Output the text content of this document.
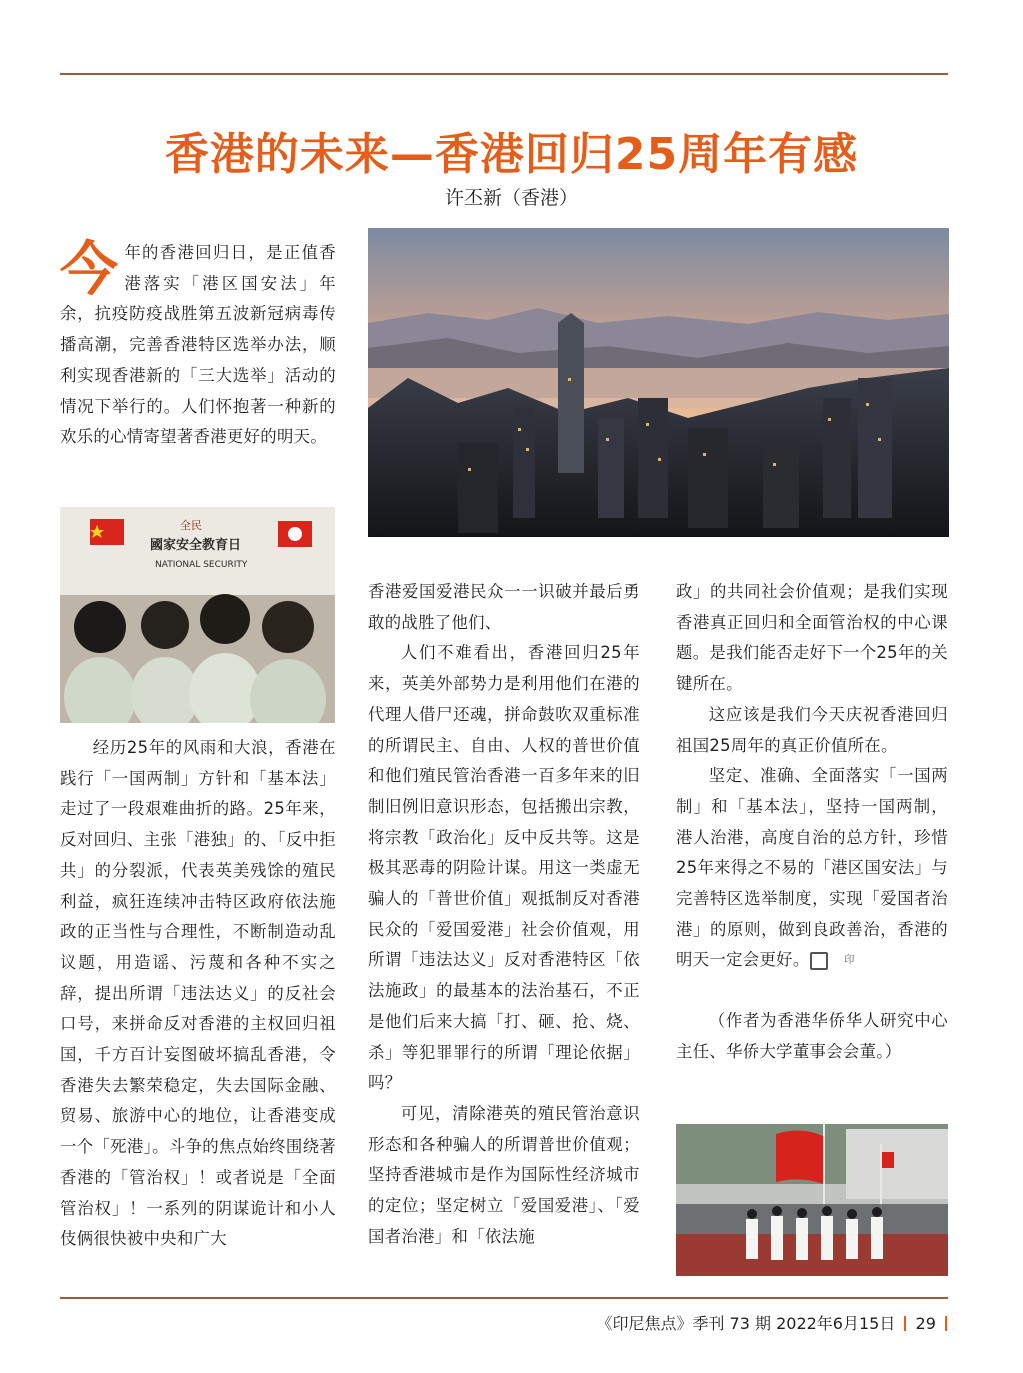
香港的未来—香港回归25周年有感
许丕新（香港）

今年的香港回归日，是正值香港落实「港区国安法」年余，抗疫防疫战胜第五波新冠病毒传播高潮，完善香港特区选举办法，顺利实现香港新的「三大选举」活动的情况下举行的。人们怀抱著一种新的欢乐的心情寄望著香港更好的明天。

全民
國家安全教育日
NATIONAL SECURITY

经历25年的风雨和大浪，香港在践行「一国两制」方针和「基本法」走过了一段艰难曲折的路。25年来，反对回归、主张「港独」的、「反中拒共」的分裂派，代表英美残馀的殖民利益，疯狂连续冲击特区政府依法施政的正当性与合理性，不断制造动乱议题，用造谣、污蔑和各种不实之辞，提出所谓「违法达义」的反社会口号，来拼命反对香港的主权回归祖国，千方百计妄图破坏搞乱香港，令香港失去繁荣稳定，失去国际金融、贸易、旅游中心的地位，让香港变成一个「死港」。斗争的焦点始终围绕著香港的「管治权」！或者说是「全面管治权」！一系列的阴谋诡计和小人伎俩很快被中央和广大

香港爱国爱港民众一一识破并最后勇敢的战胜了他们、

人们不难看出，香港回归25年来，英美外部势力是利用他们在港的代理人借尸还魂，拼命鼓吹双重标准的所谓民主、自由、人权的普世价值和他们殖民管治香港一百多年来的旧制旧例旧意识形态，包括搬出宗教，将宗教「政治化」反中反共等。这是极其恶毒的阴险计谋。用这一类虚无骗人的「普世价值」观抵制反对香港民众的「爱国爱港」社会价值观，用所谓「违法达义」反对香港特区「依法施政」的最基本的法治基石，不正是他们后来大搞「打、砸、抢、烧、杀」等犯罪罪行的所谓「理论依据」吗？

可见，清除港英的殖民管治意识形态和各种骗人的所谓普世价值观；坚持香港城市是作为国际性经济城市的定位；坚定树立「爱国爱港」、「爱国者治港」和「依法施

政」的共同社会价值观；是我们实现香港真正回归和全面管治权的中心课题。是我们能否走好下一个25年的关键所在。

这应该是我们今天庆祝香港回归祖国25周年的真正价值所在。

坚定、准确、全面落实「一国两制」和「基本法」，坚持一国两制，港人治港，高度自治的总方针，珍惜25年来得之不易的「港区国安法」与完善特区选举制度，实现「爱国者治港」的原则，做到良政善治，香港的明天一定会更好。	印

（作者为香港华侨华人研究中心主任、华侨大学董事会会董。）

《印尼焦点》季刊 73 期 2022年6月15日 29
